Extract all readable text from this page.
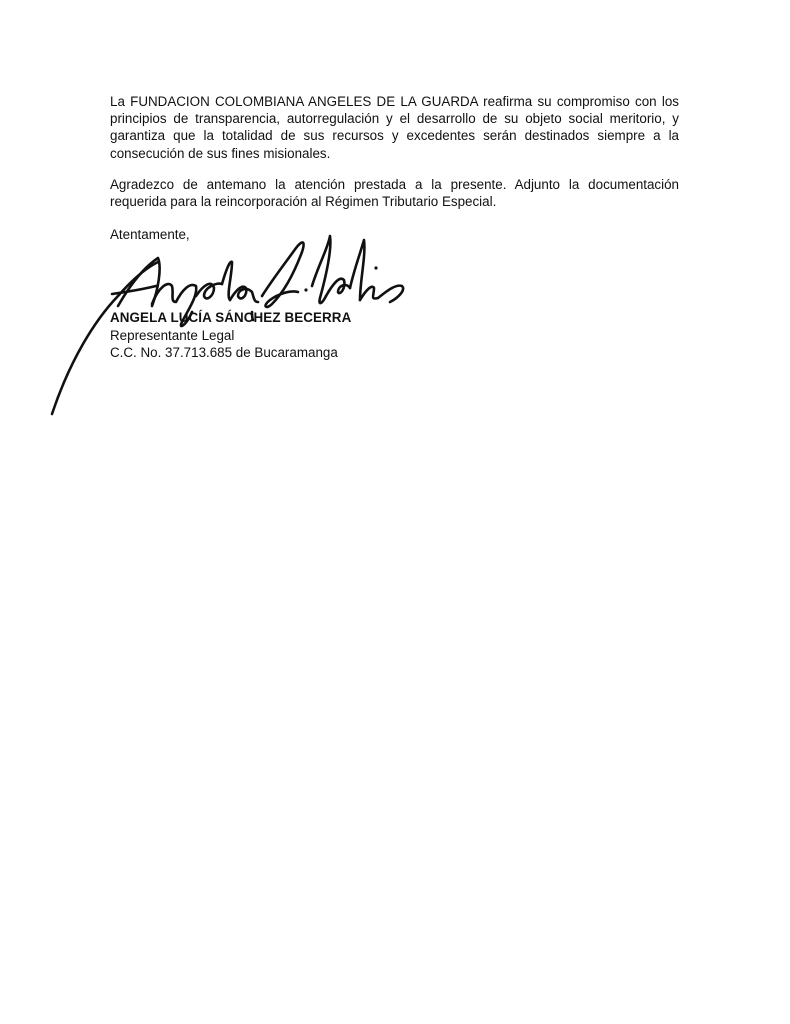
La FUNDACION COLOMBIANA ANGELES DE LA GUARDA reafirma su compromiso con los principios de transparencia, autorregulación y el desarrollo de su objeto social meritorio, y garantiza que la totalidad de sus recursos y excedentes serán destinados siempre a la consecución de sus fines misionales.

Agradezco de antemano la atención prestada a la presente. Adjunto la documentación requerida para la reincorporación al Régimen Tributario Especial.

Atentamente,

ANGELA LUCÍA SÁNCHEZ BECERRA
Representante Legal
C.C. No. 37.713.685 de Bucaramanga
